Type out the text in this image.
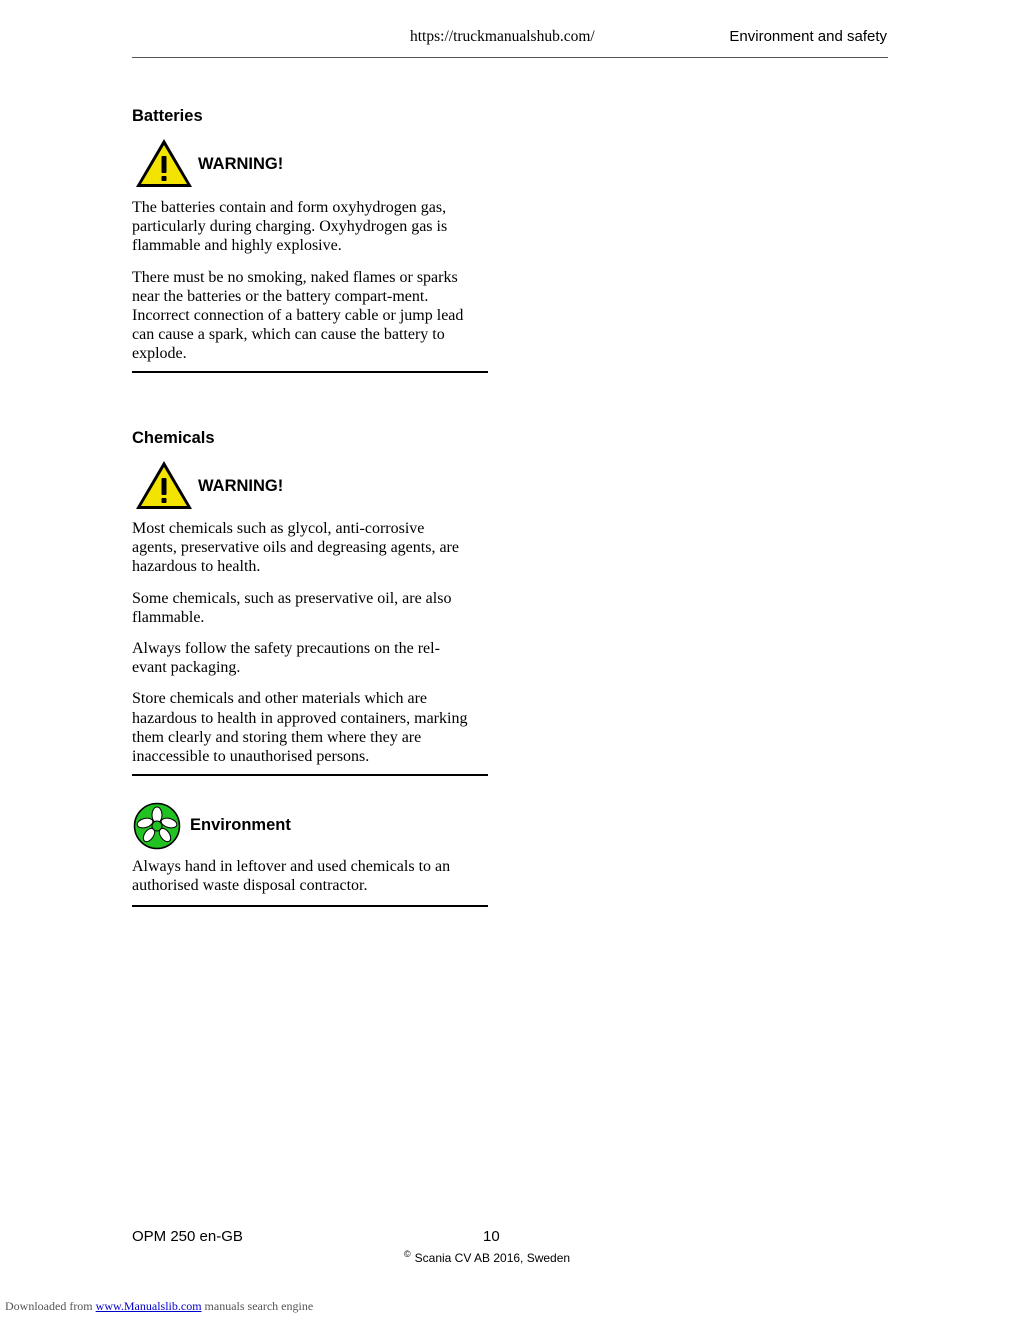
https://truckmanualshub.com/	Environment and safety
Batteries
WARNING!

The batteries contain and form oxyhydrogen gas, particularly during charging. Oxyhydrogen gas is flammable and highly explosive.

There must be no smoking, naked flames or sparks near the batteries or the battery compart-ment. Incorrect connection of a battery cable or jump lead can cause a spark, which can cause the battery to explode.

Chemicals
WARNING!

Most chemicals such as glycol, anti-corrosive agents, preservative oils and degreasing agents, are hazardous to health.

Some chemicals, such as preservative oil, are also flammable.

Always follow the safety precautions on the rel-evant packaging.

Store chemicals and other materials which are hazardous to health in approved containers, marking them clearly and storing them where they are inaccessible to unauthorised persons.

Environment

Always hand in leftover and used chemicals to an authorised waste disposal contractor.

OPM 250 en-GB	10
© Scania CV AB 2016, Sweden
Downloaded from www.Manualslib.com manuals search engine
